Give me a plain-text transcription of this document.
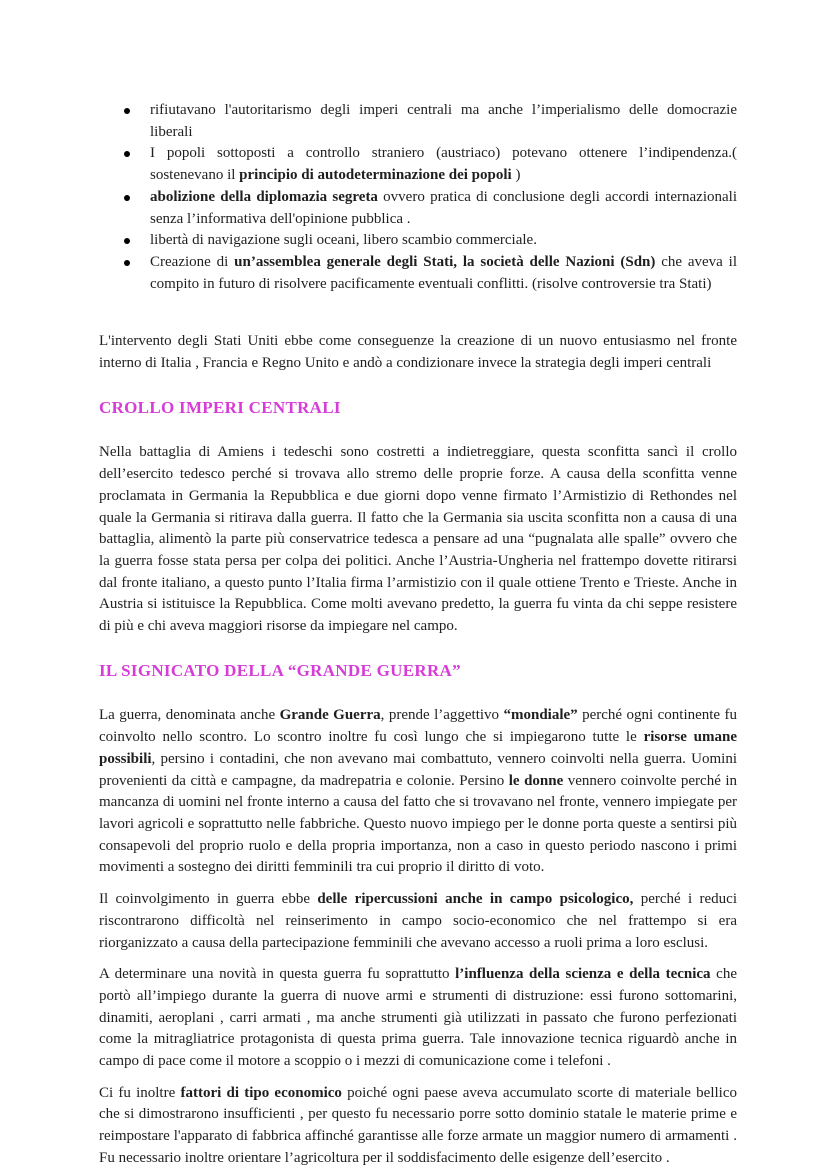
rifiutavano l'autoritarismo degli imperi centrali ma anche l’imperialismo delle domocrazie liberali
I popoli sottoposti a controllo straniero (austriaco) potevano ottenere l’indipendenza.( sostenevano il principio di autodeterminazione dei popoli )
abolizione della diplomazia segreta ovvero pratica di conclusione degli accordi internazionali senza l’informativa dell'opinione pubblica .
libertà di navigazione sugli oceani, libero scambio commerciale.
Creazione di un’assemblea generale degli Stati, la società delle Nazioni (Sdn) che aveva il compito in futuro di risolvere pacificamente eventuali conflitti. (risolve controversie tra Stati)

L'intervento degli Stati Uniti ebbe come conseguenze la creazione di un nuovo entusiasmo nel fronte interno di Italia , Francia e Regno Unito e andò a condizionare invece la strategia degli imperi centrali

CROLLO IMPERI CENTRALI

Nella battaglia di Amiens i tedeschi sono costretti a indietreggiare, questa sconfitta sancì il crollo dell’esercito tedesco perché si trovava allo stremo delle proprie forze. A causa della sconfitta venne proclamata in Germania la Repubblica e due giorni dopo venne firmato l’Armistizio di Rethondes nel quale la Germania si ritirava dalla guerra. Il fatto che la Germania sia uscita sconfitta non a causa di una battaglia, alimentò la parte più conservatrice tedesca a pensare ad una “pugnalata alle spalle” ovvero che la guerra fosse stata persa per colpa dei politici. Anche l’Austria-Ungheria nel frattempo dovette ritirarsi dal fronte italiano, a questo punto l’Italia firma l’armistizio con il quale ottiene Trento e Trieste. Anche in Austria si istituisce la Repubblica. Come molti avevano predetto, la guerra fu vinta da chi seppe resistere di più e chi aveva maggiori risorse da impiegare nel campo.

IL SIGNICATO DELLA “GRANDE GUERRA”

La guerra, denominata anche Grande Guerra, prende l’aggettivo “mondiale” perché ogni continente fu coinvolto nello scontro. Lo scontro inoltre fu così lungo che si impiegarono tutte le risorse umane possibili, persino i contadini, che non avevano mai combattuto, vennero coinvolti nella guerra. Uomini provenienti da città e campagne, da madrepatria e colonie. Persino le donne vennero coinvolte perché in mancanza di uomini nel fronte interno a causa del fatto che si trovavano nel fronte, vennero impiegate per lavori agricoli e soprattutto nelle fabbriche. Questo nuovo impiego per le donne porta queste a sentirsi più consapevoli del proprio ruolo e della propria importanza, non a caso in questo periodo nascono i primi movimenti a sostegno dei diritti femminili tra cui proprio il diritto di voto.

Il coinvolgimento in guerra ebbe delle ripercussioni anche in campo psicologico, perché i reduci riscontrarono difficoltà nel reinserimento in campo socio-economico che nel frattempo si era riorganizzato a causa della partecipazione femminili che avevano accesso a ruoli prima a loro esclusi.

A determinare una novità in questa guerra fu soprattutto l’influenza della scienza e della tecnica che portò all’impiego durante la guerra di nuove armi e strumenti di distruzione: essi furono sottomarini, dinamiti, aeroplani , carri armati , ma anche strumenti già utilizzati in passato che furono perfezionati come la mitragliatrice protagonista di questa prima guerra. Tale innovazione tecnica riguardò anche in campo di pace come il motore a scoppio o i mezzi di comunicazione come i telefoni .

Ci fu inoltre fattori di tipo economico poiché ogni paese aveva accumulato scorte di materiale bellico che si dimostrarono insufficienti , per questo fu necessario porre sotto dominio statale le materie prime e reimpostare l'apparato di fabbrica affinché garantisse alle forze armate un maggior numero di armamenti . Fu necessario inoltre orientare l’agricoltura per il soddisfacimento delle esigenze dell’esercito .
